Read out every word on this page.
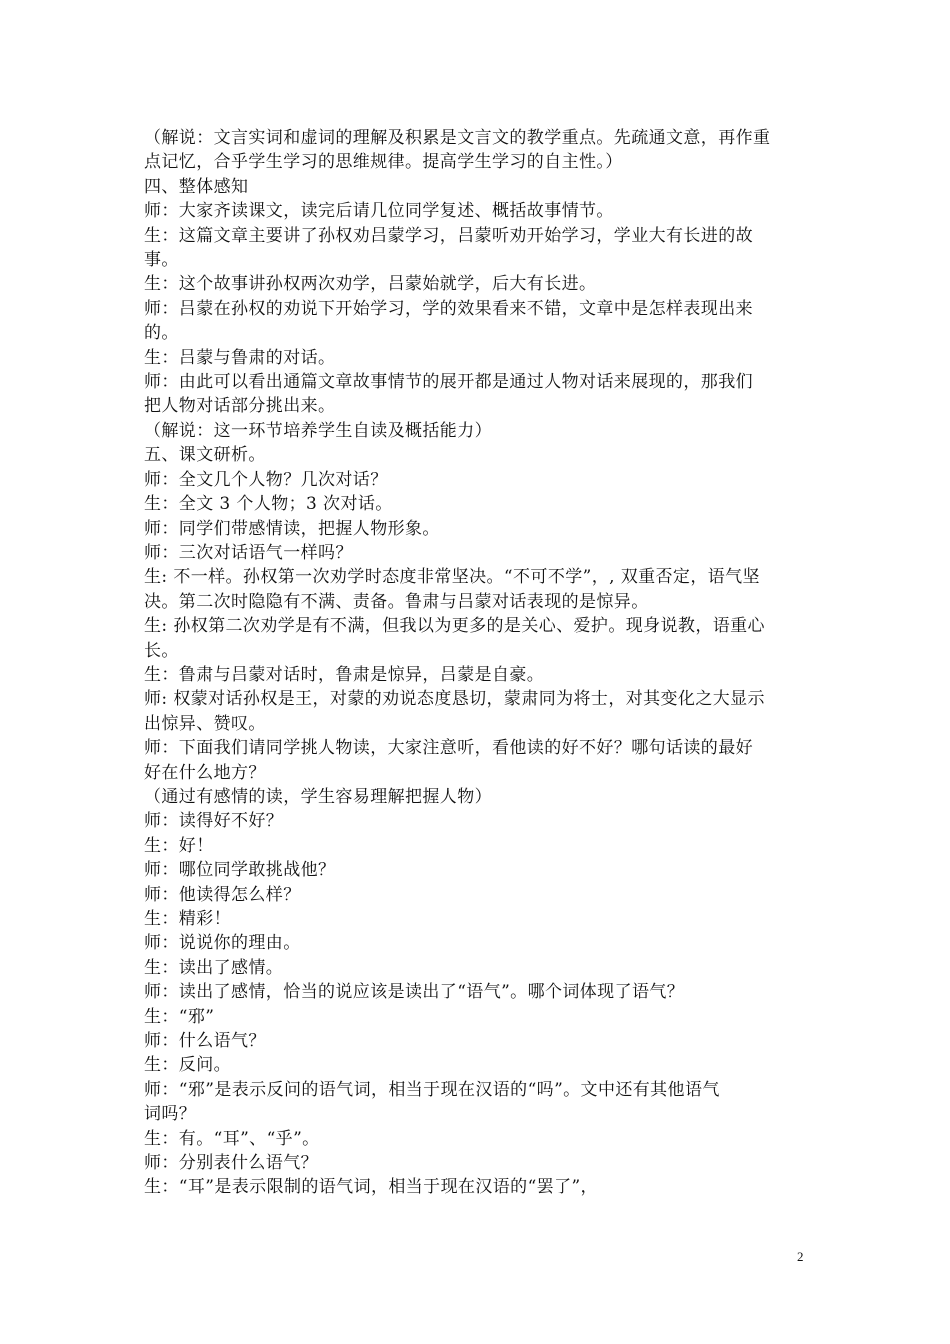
（解说：文言实词和虚词的理解及积累是文言文的教学重点。先疏通文意，再作重
点记忆，合乎学生学习的思维规律。提高学生学习的自主性。）
四、整体感知
师：大家齐读课文，读完后请几位同学复述、概括故事情节。
生：这篇文章主要讲了孙权劝吕蒙学习，吕蒙听劝开始学习，学业大有长进的故
事。
生：这个故事讲孙权两次劝学，吕蒙始就学，后大有长进。
师：吕蒙在孙权的劝说下开始学习，学的效果看来不错，文章中是怎样表现出来
的。
生：吕蒙与鲁肃的对话。
师：由此可以看出通篇文章故事情节的展开都是通过人物对话来展现的，那我们
把人物对话部分挑出来。
（解说：这一环节培养学生自读及概括能力）
五、课文研析。
师：全文几个人物？几次对话？
生：全文 3 个人物；3 次对话。
师：同学们带感情读，把握人物形象。
师：三次对话语气一样吗？
生: 不一样。孙权第一次劝学时态度非常坚决。“不可不学”，, 双重否定，语气坚
决。第二次时隐隐有不满、责备。鲁肃与吕蒙对话表现的是惊异。
生: 孙权第二次劝学是有不满，但我以为更多的是关心、爱护。现身说教，语重心
长。
生：鲁肃与吕蒙对话时，鲁肃是惊异，吕蒙是自豪。
师: 权蒙对话孙权是王，对蒙的劝说态度恳切，蒙肃同为将士，对其变化之大显示
出惊异、赞叹。
师：下面我们请同学挑人物读，大家注意听，看他读的好不好？哪句话读的最好
好在什么地方？
（通过有感情的读，学生容易理解把握人物）
师：读得好不好？
生：好！
师：哪位同学敢挑战他？
师：他读得怎么样？
生：精彩！
师：说说你的理由。
生：读出了感情。
师：读出了感情，恰当的说应该是读出了“语气”。哪个词体现了语气？
生：“邪”
师：什么语气？
生：反问。
师：“邪”是表示反问的语气词，相当于现在汉语的“吗”。文中还有其他语气
词吗？
生：有。“耳”、“乎”。
师：分别表什么语气？
生：“耳”是表示限制的语气词，相当于现在汉语的“罢了”，
2
